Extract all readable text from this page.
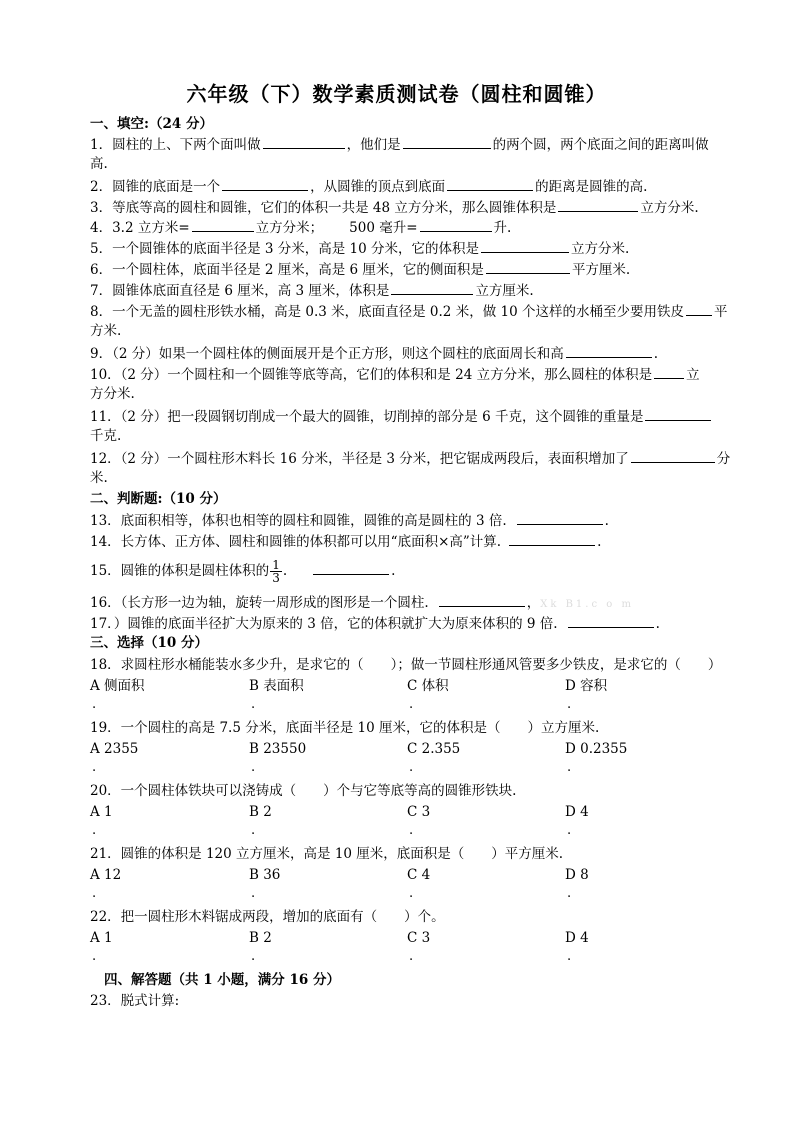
六年级（下）数学素质测试卷（圆柱和圆锥）
一、填空:（24 分）
1．圆柱的上、下两个面叫做	，他们是	的两个圆，两个底面之间的距离叫做
高.
2．圆锥的底面是一个	，从圆锥的顶点到底面	的距离是圆锥的高.
3．等底等高的圆柱和圆锥，它们的体积一共是 48 立方分米，那么圆锥体积是	立方分米.
4．3.2 立方米=	立方分米； 500 毫升=	升.
5．一个圆锥体的底面半径是 3 分米，高是 10 分米，它的体积是	立方分米.
6．一个圆柱体，底面半径是 2 厘米，高是 6 厘米，它的侧面积是	平方厘米.
7．圆锥体底面直径是 6 厘米，高 3 厘米，体积是	立方厘米.
8．一个无盖的圆柱形铁水桶，高是 0.3 米，底面直径是 0.2 米，做 10 个这样的水桶至少要用铁皮 平
方米.
9．（2 分）如果一个圆柱体的侧面展开是个正方形，则这个圆柱的底面周长和高	.
10．（2 分）一个圆柱和一个圆锥等底等高，它们的体积和是 24 立方分米，那么圆柱的体积是	立
方分米.
11．（2 分）把一段圆钢切削成一个最大的圆锥，切削掉的部分是 6 千克，这个圆锥的重量是
千克.
12．（2 分）一个圆柱形木料长 16 分米，半径是 3 分米，把它锯成两段后，表面积增加了	分
米.
二、判断题:（10 分）
13．底面积相等，体积也相等的圆柱和圆锥，圆锥的高是圆柱的 3 倍.	.
14．长方体、正方体、圆柱和圆锥的体积都可以用“底面积×高”计算.	.
15．圆锥的体积是圆柱体积的 $\frac{1}{3}$ .	.
16．（长方形一边为轴，旋转一周形成的图形是一个圆柱.	，Xk B1.c o m
17．）圆锥的底面半径扩大为原来的 3 倍，它的体积就扩大为原来体积的 9 倍.	.
三、选择（10 分）
18．求圆柱形水桶能装水多少升，是求它的（　　）；做一节圆柱形通风管要多少铁皮，是求它的（　　）
A 侧面积	B 表面积	C 体积	D 容积
.	.	.	.
19．一个圆柱的高是 7.5 分米，底面半径是 10 厘米，它的体积是（　　）立方厘米.
A 2355	B 23550	C 2.355	D 0.2355
.	.	.	.
20．一个圆柱体铁块可以浇铸成（　　）个与它等底等高的圆锥形铁块.
A 1	B 2	C 3	D 4
.	.	.	.
21．圆锥的体积是 120 立方厘米，高是 10 厘米，底面积是（　　）平方厘米.
A 12	B 36	C 4	D 8
.	.	.	.
22．把一圆柱形木料锯成两段，增加的底面有（　　）个。
A 1	B 2	C 3	D 4
.	.	.	.
四、解答题（共 1 小题，满分 16 分）
23．脱式计算:
